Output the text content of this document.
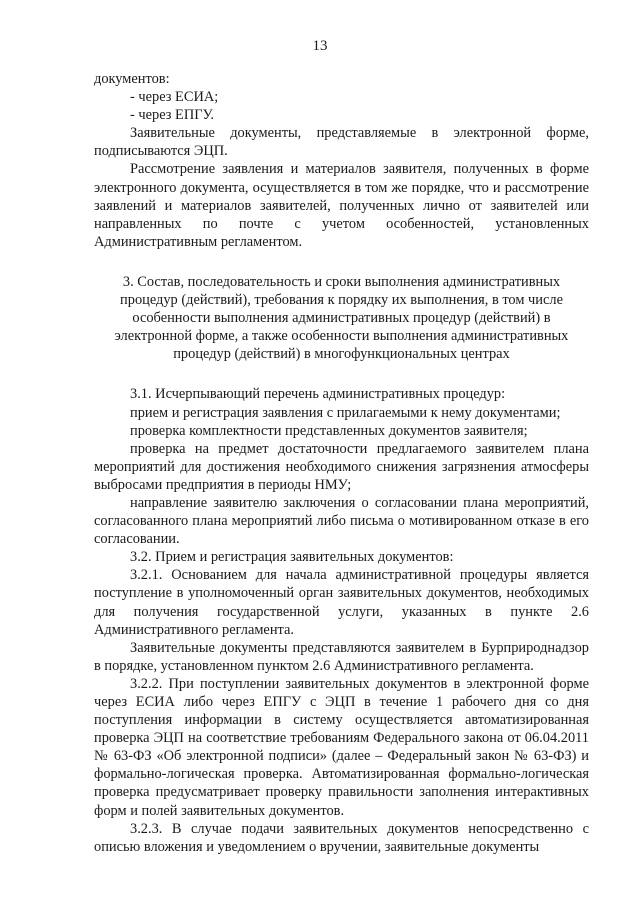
13

документов:

- через ЕСИА;

- через ЕПГУ.

Заявительные документы, представляемые в электронной форме, подписываются ЭЦП.

Рассмотрение заявления и материалов заявителя, полученных в форме электронного документа, осуществляется в том же порядке, что и рассмотрение заявлений и материалов заявителей, полученных лично от заявителей или направленных по почте с учетом особенностей, установленных Административным регламентом.

3. Состав, последовательность и сроки выполнения административных процедур (действий), требования к порядку их выполнения, в том числе особенности выполнения административных процедур (действий) в электронной форме, а также особенности выполнения административных процедур (действий) в многофункциональных центрах

3.1. Исчерпывающий перечень административных процедур:

прием и регистрация заявления с прилагаемыми к нему документами;

проверка комплектности представленных документов заявителя;

проверка на предмет достаточности предлагаемого заявителем плана мероприятий для достижения необходимого снижения загрязнения атмосферы выбросами предприятия в периоды НМУ;

направление заявителю заключения о согласовании плана мероприятий, согласованного плана мероприятий либо письма о мотивированном отказе в его согласовании.

3.2. Прием и регистрация заявительных документов:

3.2.1. Основанием для начала административной процедуры является поступление в уполномоченный орган заявительных документов, необходимых для получения государственной услуги, указанных в пункте 2.6 Административного регламента.

Заявительные документы представляются заявителем в Бурприроднадзор в порядке, установленном пунктом 2.6 Административного регламента.

3.2.2. При поступлении заявительных документов в электронной форме через ЕСИА либо через ЕПГУ с ЭЦП в течение 1 рабочего дня со дня поступления информации в систему осуществляется автоматизированная проверка ЭЦП на соответствие требованиям Федерального закона от 06.04.2011 № 63-ФЗ «Об электронной подписи» (далее – Федеральный закон № 63-ФЗ) и формально-логическая проверка. Автоматизированная формально-логическая проверка предусматривает проверку правильности заполнения интерактивных форм и полей заявительных документов.

3.2.3. В случае подачи заявительных документов непосредственно с описью вложения и уведомлением о вручении, заявительные документы
